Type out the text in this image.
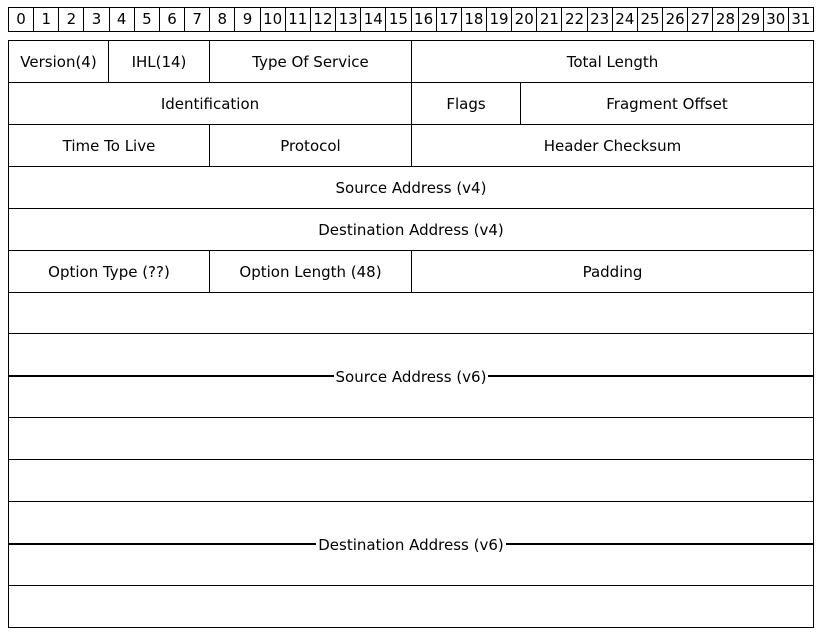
0	1	2	3	4	5	6	7	8	9 10 11 12 13 14 15 16 17 18 19 20 21 22 23 24 25 26 27 28 29 30 31
Version(4) IHL(14)	Type Of Service	Total Length
Identification	Flags	Fragment Offset
Time To Live	Protocol	Header Checksum
Source Address (v4)
Destination Address (v4)
Option Type (??)	Option Length (48)	Padding
Source Address (v6)
Destination Address (v6)
